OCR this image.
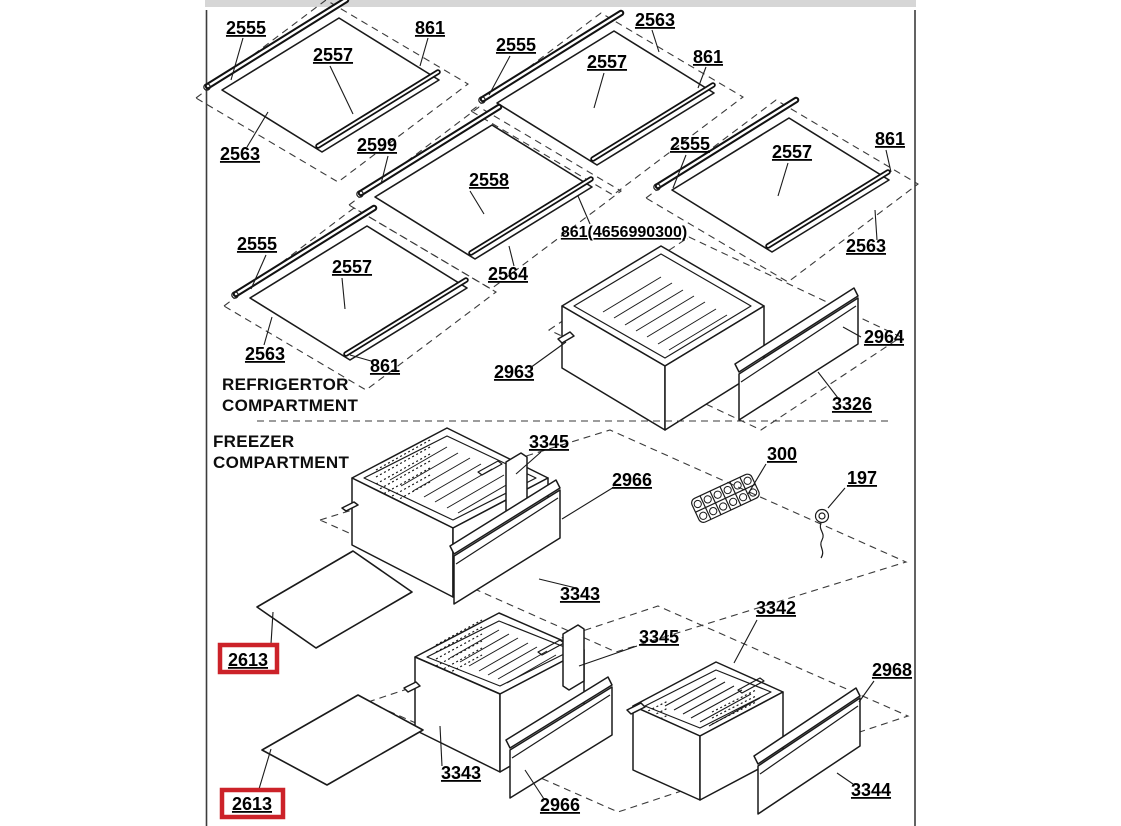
2555
2557
861
2563
2563
2555
2557	861
2599
2558
861(4656990300)
2564
2555	2557
861
2563
2555
2557
2563
861	2963
2964
3326
REFRIGERTOR
COMPARTMENT
FREEZER
COMPARTMENT
3345
2966
3343
300
197
2613
3345
3342
3343
2966
2968
3344
2613
